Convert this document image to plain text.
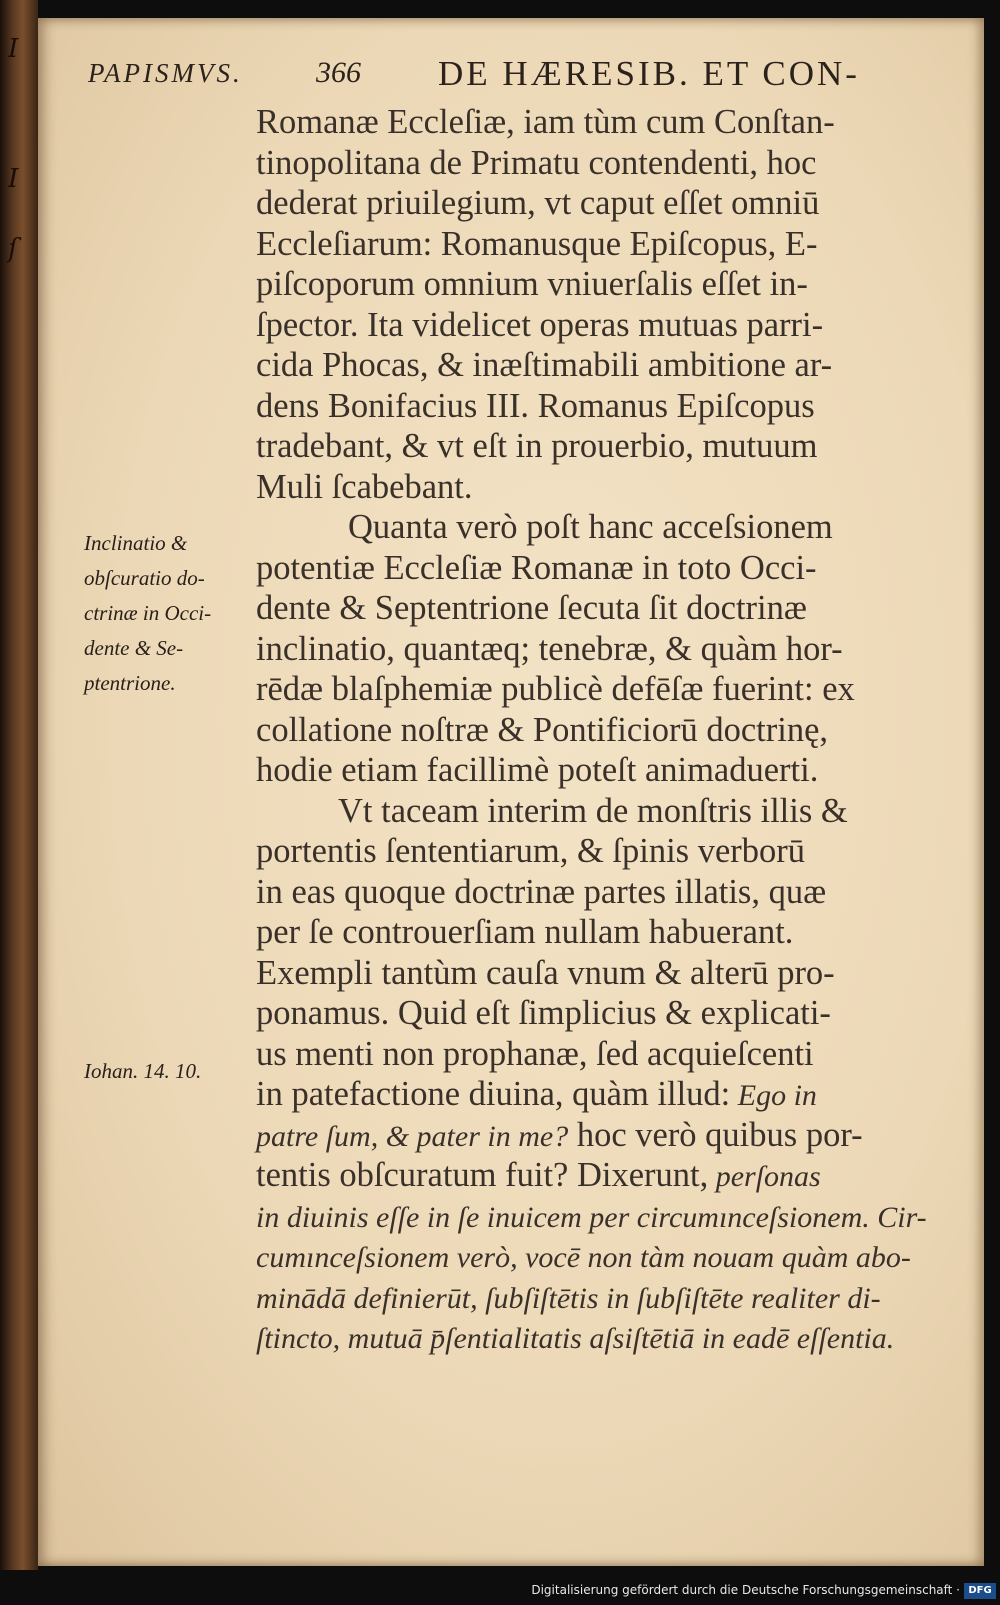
I
I
ſ
PAPISMVS. 366 DE HÆRESIB. ET CON-
Romanæ Eccleſiæ, iam tùm cum Conſtan-
tinopolitana de Primatu contendenti, hoc
dederat priuilegium, vt caput eſſet omniū
Eccleſiarum: Romanusque Epiſcopus, E-
piſcoporum omnium vniuerſalis eſſet in-
ſpector. Ita videlicet operas mutuas parri-
cida Phocas, & inæſtimabili ambitione ar-
dens Bonifacius III. Romanus Epiſcopus
tradebant, & vt eſt in prouerbio, mutuum
Muli ſcabebant.
Quanta verò poſt hanc acceſsionem
potentiæ Eccleſiæ Romanæ in toto Occi-
dente & Septentrione ſecuta ſit doctrinæ
inclinatio, quantæq; tenebræ, & quàm hor-
rēdæ blaſphemiæ publicè defēſæ fuerint: ex
collatione noſtræ & Pontificiorū doctrinę,
hodie etiam facillimè poteſt animaduerti.
Vt taceam interim de monſtris illis &
portentis ſententiarum, & ſpinis verborū
in eas quoque doctrinæ partes illatis, quæ
per ſe controuerſiam nullam habuerant.
Exempli tantùm cauſa vnum & alterū pro-
ponamus. Quid eſt ſimplicius & explicati-
us menti non prophanæ, ſed acquieſcenti
in patefactione diuina, quàm illud: Ego in
patre ſum, & pater in me? hoc verò quibus por-
tentis obſcuratum fuit? Dixerunt, perſonas
in diuinis eſſe in ſe inuicem per circumınceſsionem. Cir-
cumınceſsionem verò, vocē non tàm nouam quàm abo-
minādā definierūt, ſubſiſtētis in ſubſiſtēte realiter di-
ſtincto, mutuā p̄ſentialitatis aſsiſtētiā in eadē eſſentia.
Inclinatio &
obſcuratio do-
ctrinæ in Occi-
dente & Se-
ptentrione.
Iohan. 14. 10.
Digitalisierung gefördert durch die Deutsche Forschungsgemeinschaft · DFG
